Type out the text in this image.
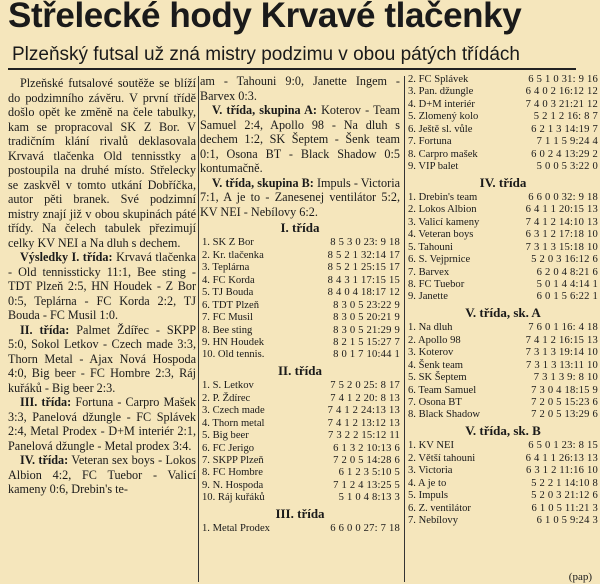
Střelecké hody Krvavé tlačenky
Plzeňský futsal už zná mistry podzimu v obou pátých třídách

Plzeňské futsalové soutěže se blíží do podzimního závěru. V první třídě došlo opět ke změně na čele tabulky, kam se propracoval SK Z Bor. V tradičním klání rivalů deklasovala Krvavá tlačenka Old tennisstky a postoupila na druhé místo. Střelecky se zaskvěl v tomto utkání Dobříčka, autor pěti branek. Své podzimní mistry znají již v obou skupinách páté třídy. Na čelech tabulek přezimují celky KV NEI a Na dluh s dechem.

Výsledky I. třída: Krvavá tlačenka - Old tennissticky 11:1, Bee sting - TDT Plzeň 2:5, HN Houdek - Z Bor 0:5, Teplárna - FC Korda 2:2, TJ Bouda - FC Musil 1:0.

II. třída: Palmet Ždířec - SKPP 5:0, Sokol Letkov - Czech made 3:3, Thorn Metal - Ajax Nová Hospoda 4:0, Big beer - FC Hombre 2:3, Ráj kuřáků - Big beer 2:3.

III. třída: Fortuna - Carpro Mašek 3:3, Panelová džungle - FC Splávek 2:4, Metal Prodex - D+M interiér 2:1, Panelová džungle - Metal prodex 3:4.

IV. třída: Veteran sex boys - Lokos Albion 4:2, FC Tuebor - Valicí kameny 0:6, Drebin's te-

am - Tahouni 9:0, Janette Ingem - Barvex 0:3.

V. třída, skupina A: Koterov - Team Samuel 2:4, Apollo 98 - Na dluh s dechem 1:2, SK Šeptem - Šenk team 0:1, Osona BT - Black Shadow 0:5 kontumačně.

V. třída, skupina B: Impuls - Victoria 7:1, A je to - Zanesenej ventilátor 5:2, KV NEI - Nebílovy 6:2.

I. třída
1. SK Z Bor	8 5 3 0 23: 9 18
2. Kr. tlačenka	8 5 2 1 32:14 17
3. Teplárna	8 5 2 1 25:15 17
4. FC Korda	8 4 3 1 17:15 15
5. TJ Bouda	8 4 0 4 18:17 12
6. TDT Plzeň	8 3 0 5 23:22 9
7. FC Musil	8 3 0 5 20:21 9
8. Bee sting	8 3 0 5 21:29 9
9. HN Houdek	8 2 1 5 15:27 7
10. Old tennis.	8 0 1 7 10:44 1
II. třída
1. S. Letkov	7 5 2 0 25: 8 17
2. P. Ždírec	7 4 1 2 20: 8 13
3. Czech made	7 4 1 2 24:13 13
4. Thorn metal	7 4 1 2 13:12 13
5. Big beer	7 3 2 2 15:12 11
6. FC Jerigo	6 1 3 2 10:13 6
7. SKPP Plzeň	7 2 0 5 14:28 6
8. FC Hombre	6 1 2 3 5:10 5
9. N. Hospoda	7 1 2 4 13:25 5
10. Ráj kuřáků	5 1 0 4 8:13 3
III. třída
1. Metal Prodex	6 6 0 0 27: 7 18
2. FC Splávek	6 5 1 0 31: 9 16
3. Pan. džungle	6 4 0 2 16:12 12
4. D+M interiér	7 4 0 3 21:21 12
5. Zlomený kolo	5 2 1 2 16: 8 7
6. Ještě sl. vůle	6 2 1 3 14:19 7
7. Fortuna	7 1 1 5 9:24 4
8. Carpro mašek	6 0 2 4 13:29 2
9. VIP balet	5 0 0 5 3:22 0
IV. třída
1. Drebin's team	6 6 0 0 32: 9 18
2. Lokos Albion	6 4 1 1 20:15 13
3. Valicí kameny	7 4 1 2 14:10 13
4. Veteran boys	6 3 1 2 17:18 10
5. Tahouni	7 3 1 3 15:18 10
6. S. Vejprnice	5 2 0 3 16:12 6
7. Barvex	6 2 0 4 8:21 6
8. FC Tuebor	5 0 1 4 4:14 1
9. Janette	6 0 1 5 6:22 1
V. třída, sk. A
1. Na dluh	7 6 0 1 16: 4 18
2. Apollo 98	7 4 1 2 16:15 13
3. Koterov	7 3 1 3 19:14 10
4. Šenk team	7 3 1 3 13:11 10
5. SK Šeptem	7 3 1 3 9: 8 10
6. Team Samuel	7 3 0 4 18:15 9
7. Osona BT	7 2 0 5 15:23 6
8. Black Shadow	7 2 0 5 13:29 6
V. třída, sk. B
1. KV NEI	6 5 0 1 23: 8 15
2. Větší tahouni	6 4 1 1 26:13 13
3. Victoria	6 3 1 2 11:16 10
4. A je to	5 2 2 1 14:10 8
5. Impuls	5 2 0 3 21:12 6
6. Z. ventilátor	6 1 0 5 11:21 3
7. Nebílovy	6 1 0 5 9:24 3
(pap)
